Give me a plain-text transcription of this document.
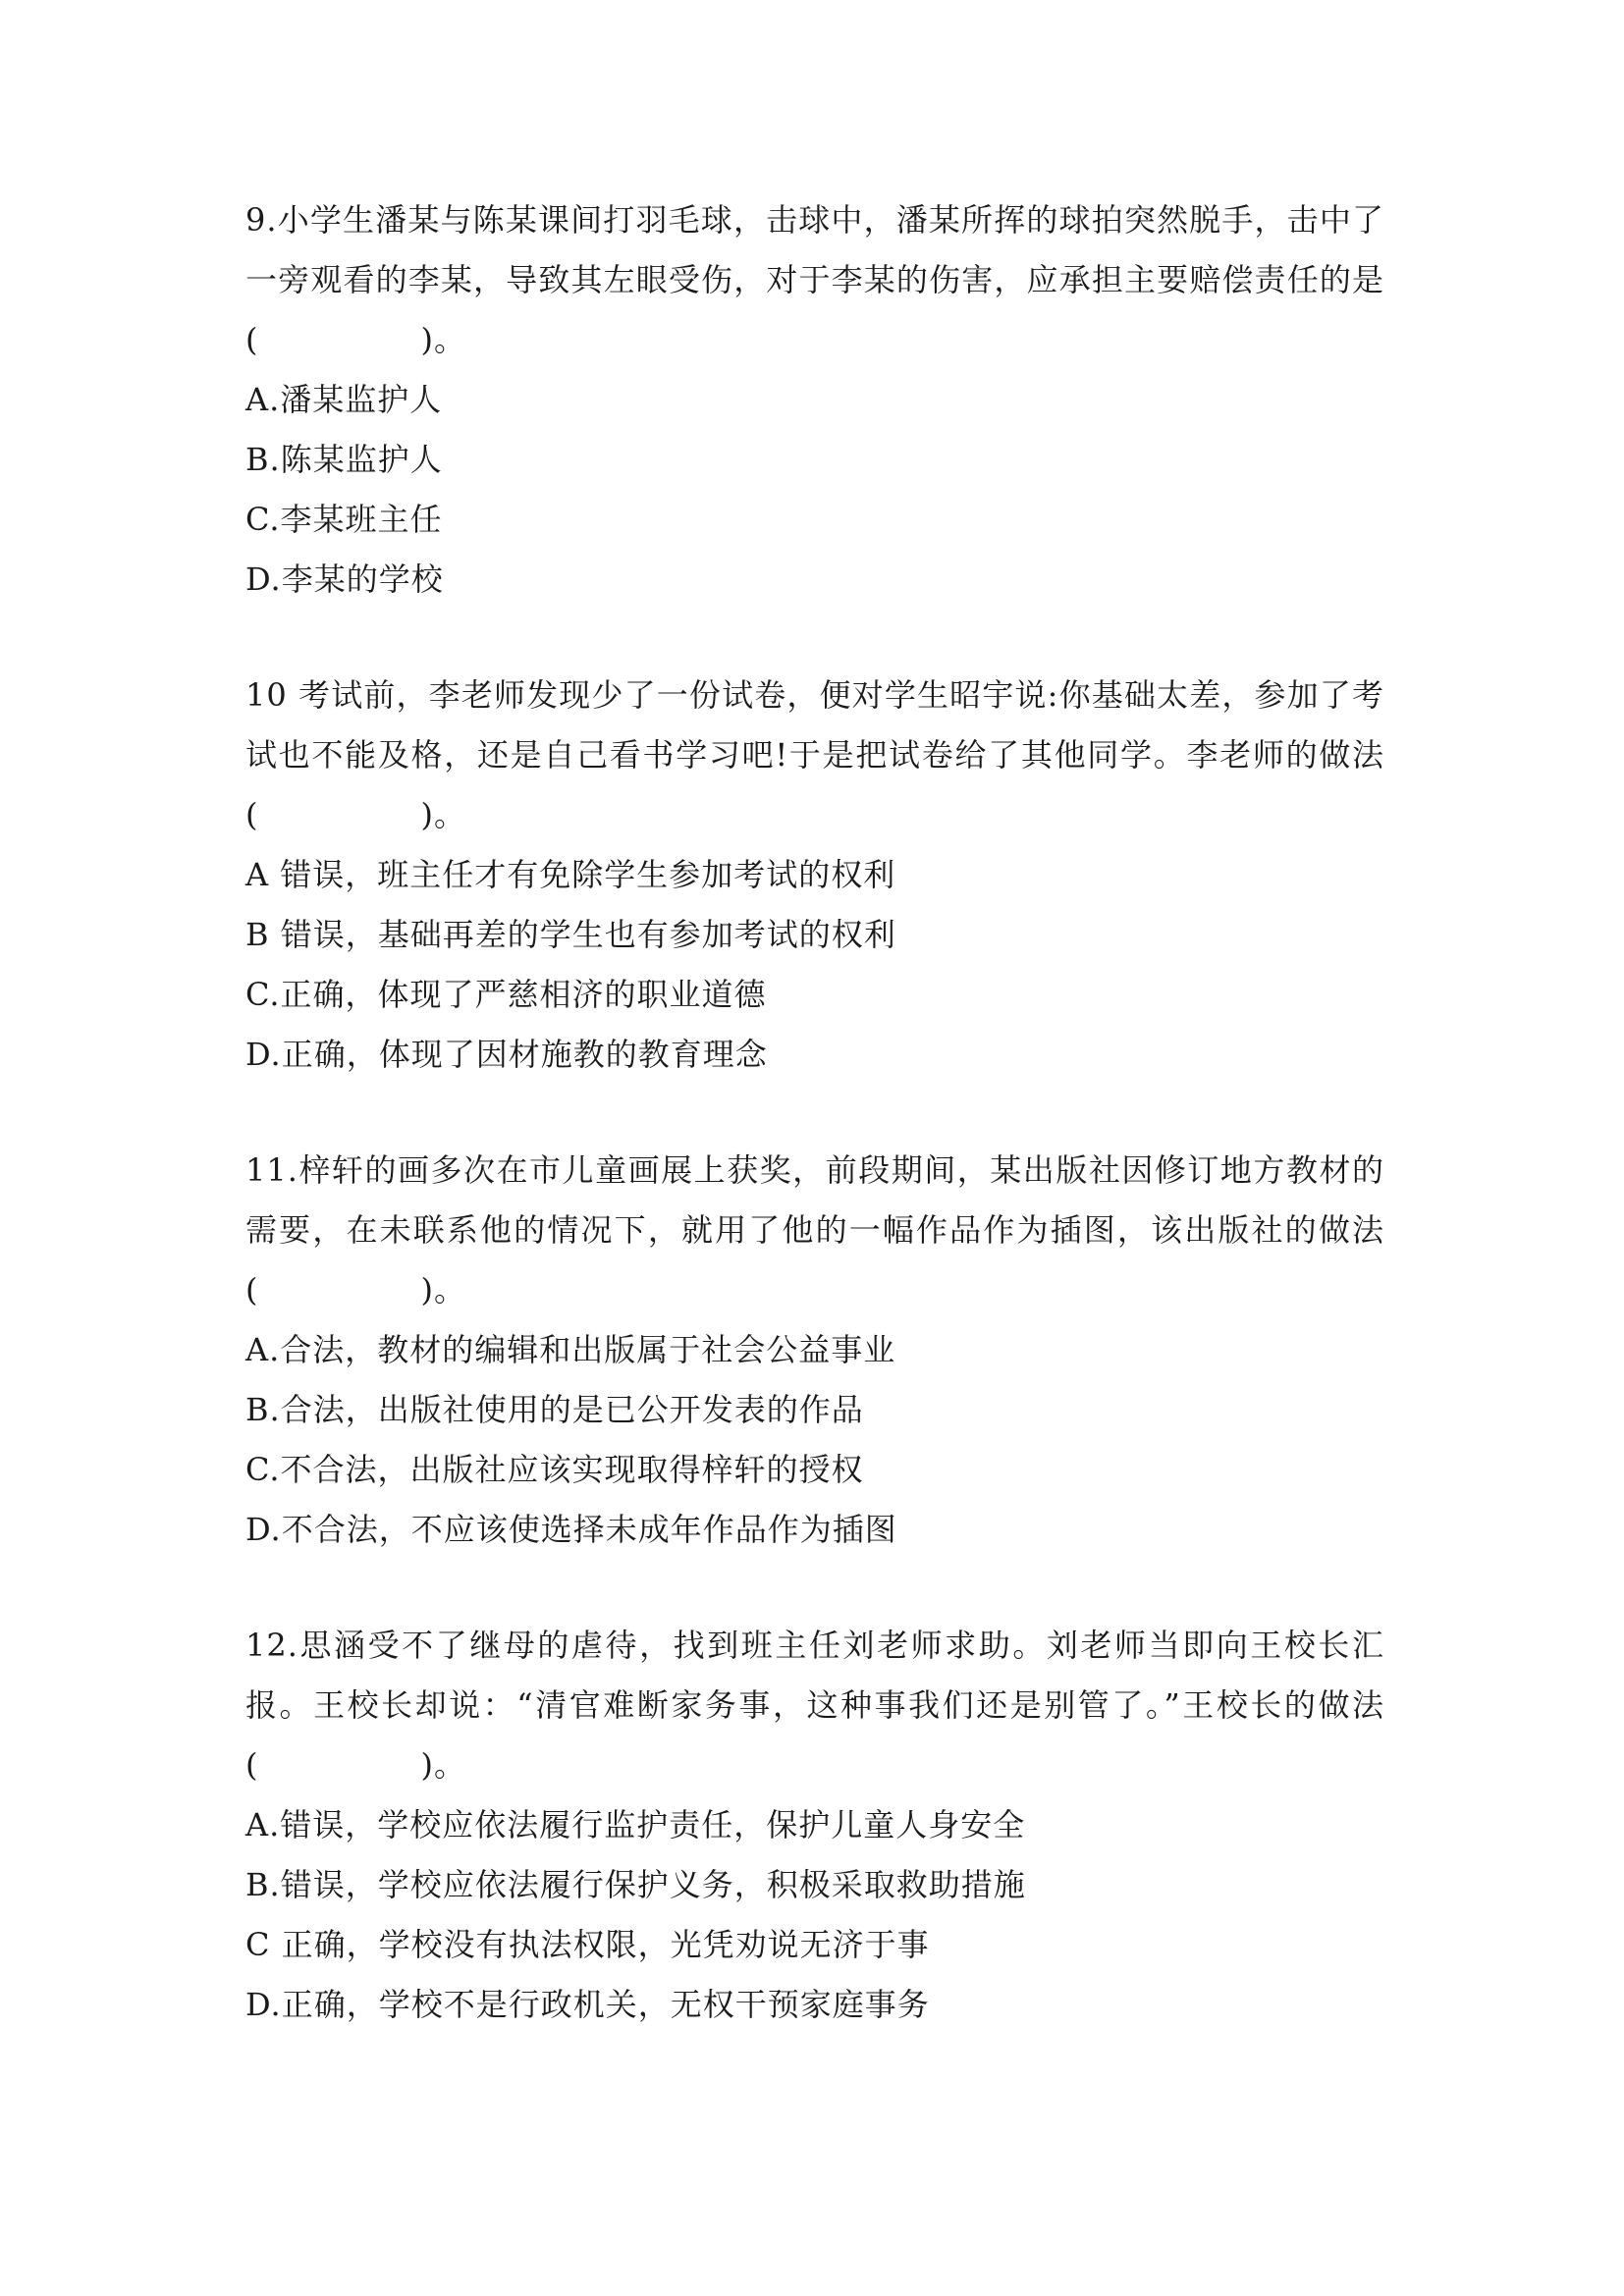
9.小学生潘某与陈某课间打羽毛球，击球中，潘某所挥的球拍突然脱手，击中了一旁观看的李某，导致其左眼受伤，对于李某的伤害，应承担主要赔偿责任的是(　　　　　)。

A.潘某监护人
B.陈某监护人
C.李某班主任
D.李某的学校

10 考试前，李老师发现少了一份试卷，便对学生昭宇说:你基础太差，参加了考试也不能及格，还是自己看书学习吧!于是把试卷给了其他同学。李老师的做法(　　　　　)。

A 错误，班主任才有免除学生参加考试的权利
B 错误，基础再差的学生也有参加考试的权利
C.正确，体现了严慈相济的职业道德
D.正确，体现了因材施教的教育理念

11.梓轩的画多次在市儿童画展上获奖，前段期间，某出版社因修订地方教材的需要，在未联系他的情况下，就用了他的一幅作品作为插图，该出版社的做法(　　　　　)。

A.合法，教材的编辑和出版属于社会公益事业
B.合法，出版社使用的是已公开发表的作品
C.不合法，出版社应该实现取得梓轩的授权
D.不合法，不应该使选择未成年作品作为插图

12.思涵受不了继母的虐待，找到班主任刘老师求助。刘老师当即向王校长汇报。王校长却说：“清官难断家务事，这种事我们还是别管了。”王校长的做法(　　　　　)。

A.错误，学校应依法履行监护责任，保护儿童人身安全
B.错误，学校应依法履行保护义务，积极采取救助措施
C 正确，学校没有执法权限，光凭劝说无济于事
D.正确，学校不是行政机关，无权干预家庭事务
